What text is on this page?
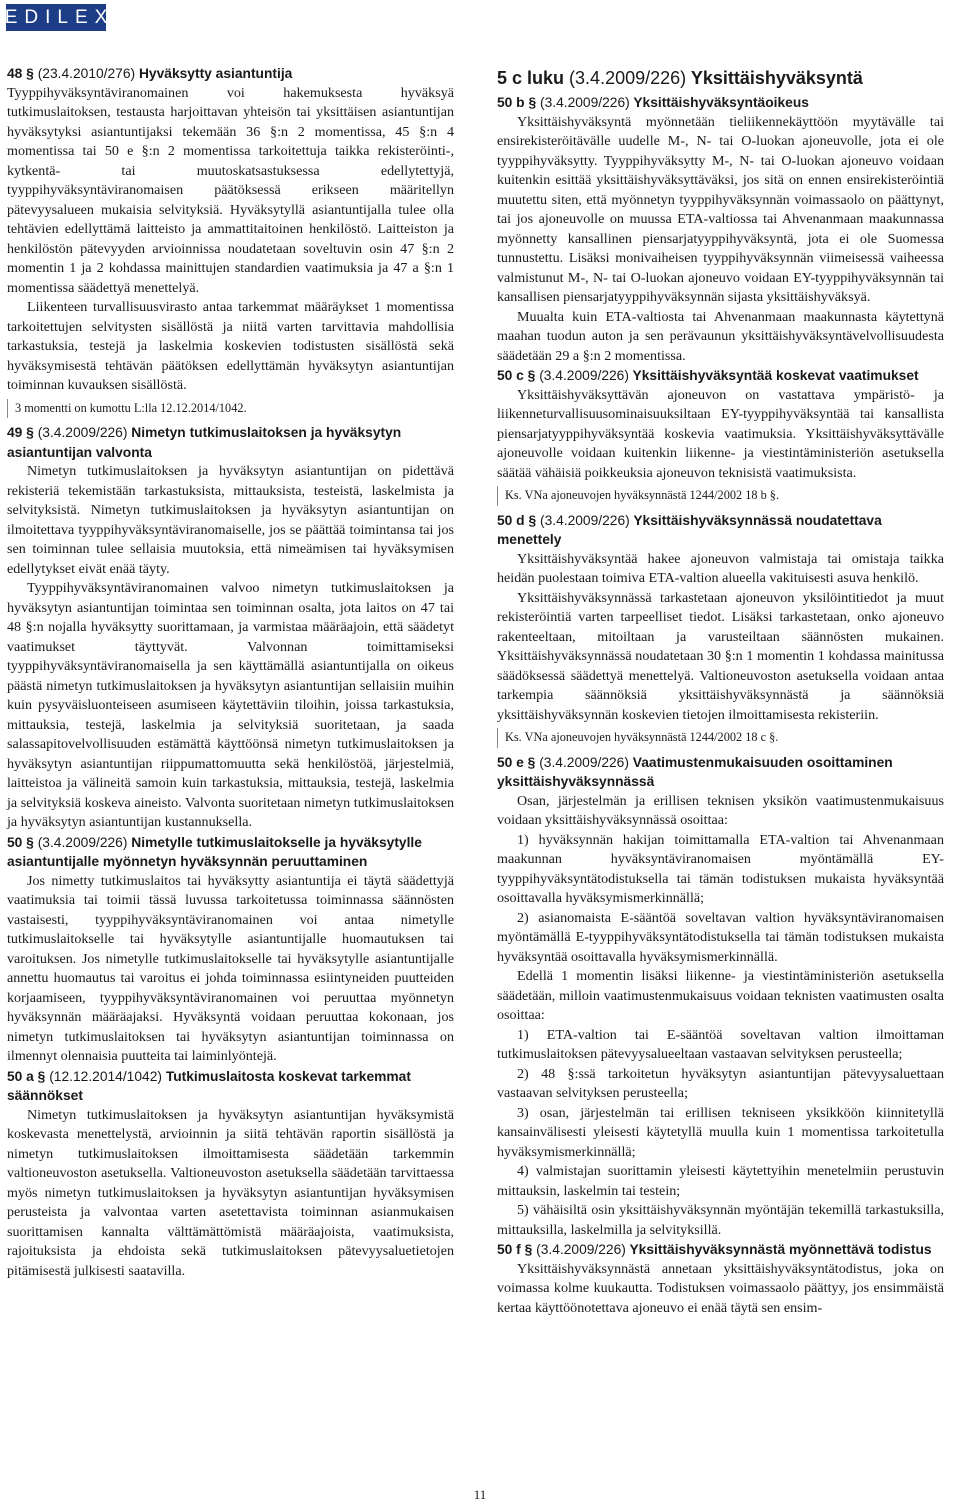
EDILEX
48 § (23.4.2010/276) Hyväksytty asiantuntija

Tyyppihyväksyntäviranomainen voi hakemuksesta hyväksyä tutkimuslaitoksen, testausta harjoittavan yhteisön tai yksittäisen asiantuntijan hyväksytyksi asiantuntijaksi tekemään 36 §:n 2 momentissa, 45 §:n 4 momentissa tai 50 e §:n 2 momentissa tarkoitettuja taikka rekisteröinti-, kytkentä- tai muutoskatsastuksessa edellytettyjä, tyyppihyväksyntäviranomaisen päätöksessä erikseen määritellyn pätevyysalueen mukaisia selvityksiä. Hyväksytyllä asiantuntijalla tulee olla tehtävien edellyttämä laitteisto ja ammattitaitoinen henkilöstö. Laitteiston ja henkilöstön pätevyyden arvioinnissa noudatetaan soveltuvin osin 47 §:n 2 momentin 1 ja 2 kohdassa mainittujen standardien vaatimuksia ja 47 a §:n 1 momentissa säädettyä menettelyä.

Liikenteen turvallisuusvirasto antaa tarkemmat määräykset 1 momentissa tarkoitettujen selvitysten sisällöstä ja niitä varten tarvittavia mahdollisia tarkastuksia, testejä ja laskelmia koskevien todistusten sisällöstä sekä hyväksymisestä tehtävän päätöksen edellyttämän hyväksytyn asiantuntijan toiminnan kuvauksen sisällöstä.

3 momentti on kumottu L:lla 12.12.2014/1042.
49 § (3.4.2009/226) Nimetyn tutkimuslaitoksen ja hyväksytyn asiantuntijan valvonta

Nimetyn tutkimuslaitoksen ja hyväksytyn asiantuntijan on pidettävä rekisteriä tekemistään tarkastuksista, mittauksista, testeistä, laskelmista ja selvityksistä. Nimetyn tutkimuslaitoksen ja hyväksytyn asiantuntijan on ilmoitettava tyyppihyväksyntäviranomaiselle, jos se päättää toimintansa tai jos sen toiminnan tulee sellaisia muutoksia, että nimeämisen tai hyväksymisen edellytykset eivät enää täyty.

Tyyppihyväksyntäviranomainen valvoo nimetyn tutkimuslaitoksen ja hyväksytyn asiantuntijan toimintaa sen toiminnan osalta, jota laitos on 47 tai 48 §:n nojalla hyväksytty suorittamaan, ja varmistaa määräajoin, että säädetyt vaatimukset täyttyvät. Valvonnan toimittamiseksi tyyppihyväksyntäviranomaisella ja sen käyttämällä asiantuntijalla on oikeus päästä nimetyn tutkimuslaitoksen ja hyväksytyn asiantuntijan sellaisiin muihin kuin pysyväisluonteiseen asumiseen käytettäviin tiloihin, joissa tarkastuksia, mittauksia, testejä, laskelmia ja selvityksiä suoritetaan, ja saada salassapitovelvollisuuden estämättä käyttöönsä nimetyn tutkimuslaitoksen ja hyväksytyn asiantuntijan riippumattomuutta sekä henkilöstöä, järjestelmiä, laitteistoa ja välineitä samoin kuin tarkastuksia, mittauksia, testejä, laskelmia ja selvityksiä koskeva aineisto. Valvonta suoritetaan nimetyn tutkimuslaitoksen ja hyväksytyn asiantuntijan kustannuksella.

50 § (3.4.2009/226) Nimetylle tutkimuslaitokselle ja hyväksytylle asiantuntijalle myönnetyn hyväksynnän peruuttaminen

Jos nimetty tutkimuslaitos tai hyväksytty asiantuntija ei täytä säädettyjä vaatimuksia tai toimii tässä luvussa tarkoitetussa toiminnassa säännösten vastaisesti, tyyppihyväksyntäviranomainen voi antaa nimetylle tutkimuslaitokselle tai hyväksytylle asiantuntijalle huomautuksen tai varoituksen. Jos nimetylle tutkimuslaitokselle tai hyväksytylle asiantuntijalle annettu huomautus tai varoitus ei johda toiminnassa esiintyneiden puutteiden korjaamiseen, tyyppihyväksyntäviranomainen voi peruuttaa myönnetyn hyväksynnän määräajaksi. Hyväksyntä voidaan peruuttaa kokonaan, jos nimetyn tutkimuslaitoksen tai hyväksytyn asiantuntijan toiminnassa on ilmennyt olennaisia puutteita tai laiminlyöntejä.

50 a § (12.12.2014/1042) Tutkimuslaitosta koskevat tarkemmat säännökset

Nimetyn tutkimuslaitoksen ja hyväksytyn asiantuntijan hyväksymistä koskevasta menettelystä, arvioinnin ja siitä tehtävän raportin sisällöstä ja nimetyn tutkimuslaitoksen ilmoittamisesta säädetään tarkemmin valtioneuvoston asetuksella. Valtioneuvoston asetuksella säädetään tarvittaessa myös nimetyn tutkimuslaitoksen ja hyväksytyn asiantuntijan hyväksymisen perusteista ja valvontaa varten asetettavista toiminnan asianmukaisen suorittamisen kannalta välttämättömistä määräajoista, vaatimuksista, rajoituksista ja ehdoista sekä tutkimuslaitoksen pätevyysaluetietojen pitämisestä julkisesti saatavilla.

5 c luku (3.4.2009/226) Yksittäishyväksyntä
50 b § (3.4.2009/226) Yksittäishyväksyntäoikeus

Yksittäishyväksyntä myönnetään tieliikennekäyttöön myytävälle tai ensirekisteröitävälle uudelle M-, N- tai O-luokan ajoneuvolle, jota ei ole tyyppihyväksytty. Tyyppihyväksytty M-, N- tai O-luokan ajoneuvo voidaan kuitenkin esittää yksittäishyväksyttäväksi, jos sitä on ennen ensirekisteröintiä muutettu siten, että myönnetyn tyyppihyväksynnän voimassaolo on päättynyt, tai jos ajoneuvolle on muussa ETA-valtiossa tai Ahvenanmaan maakunnassa myönnetty kansallinen piensarjatyyppihyväksyntä, jota ei ole Suomessa tunnustettu. Lisäksi monivaiheisen tyyppihyväksynnän viimeisessä vaiheessa valmistunut M-, N- tai O-luokan ajoneuvo voidaan EY-tyyppihyväksynnän tai kansallisen piensarjatyyppihyväksynnän sijasta yksittäishyväksyä.

Muualta kuin ETA-valtiosta tai Ahvenanmaan maakunnasta käytettynä maahan tuodun auton ja sen perävaunun yksittäishyväksyntävelvollisuudesta säädetään 29 a §:n 2 momentissa.

50 c § (3.4.2009/226) Yksittäishyväksyntää koskevat vaatimukset

Yksittäishyväksyttävän ajoneuvon on vastattava ympäristö- ja liikenneturvallisuusominaisuuksiltaan EY-tyyppihyväksyntää tai kansallista piensarjatyyppihyväksyntää koskevia vaatimuksia. Yksittäishyväksyttävälle ajoneuvolle voidaan kuitenkin liikenne- ja viestintäministeriön asetuksella säätää vähäisiä poikkeuksia ajoneuvon teknisistä vaatimuksista.

Ks. VNa ajoneuvojen hyväksynnästä 1244/2002 18 b §.
50 d § (3.4.2009/226) Yksittäishyväksynnässä noudatettava menettely

Yksittäishyväksyntää hakee ajoneuvon valmistaja tai omistaja taikka heidän puolestaan toimiva ETA-valtion alueella vakituisesti asuva henkilö.

Yksittäishyväksynnässä tarkastetaan ajoneuvon yksilöintitiedot ja muut rekisteröintiä varten tarpeelliset tiedot. Lisäksi tarkastetaan, onko ajoneuvo rakenteeltaan, mitoiltaan ja varusteiltaan säännösten mukainen. Yksittäishyväksynnässä noudatetaan 30 §:n 1 momentin 1 kohdassa mainitussa säädöksessä säädettyä menettelyä. Valtioneuvoston asetuksella voidaan antaa tarkempia säännöksiä yksittäishyväksynnästä ja säännöksiä yksittäishyväksynnän koskevien tietojen ilmoittamisesta rekisteriin.

Ks. VNa ajoneuvojen hyväksynnästä 1244/2002 18 c §.
50 e § (3.4.2009/226) Vaatimustenmukaisuuden osoittaminen yksittäishyväksynnässä

Osan, järjestelmän ja erillisen teknisen yksikön vaatimustenmukaisuus voidaan yksittäishyväksynnässä osoittaa:

1) hyväksynnän hakijan toimittamalla ETA-valtion tai Ahvenanmaan maakunnan hyväksyntäviranomaisen myöntämällä EY-tyyppihyväksyntätodistuksella tai tämän todistuksen mukaista hyväksyntää osoittavalla hyväksymismerkinnällä;

2) asianomaista E-sääntöä soveltavan valtion hyväksyntäviranomaisen myöntämällä E-tyyppihyväksyntätodistuksella tai tämän todistuksen mukaista hyväksyntää osoittavalla hyväksymismerkinnällä.

Edellä 1 momentin lisäksi liikenne- ja viestintäministeriön asetuksella säädetään, milloin vaatimustenmukaisuus voidaan teknisten vaatimusten osalta osoittaa:

1) ETA-valtion tai E-sääntöä soveltavan valtion ilmoittaman tutkimuslaitoksen pätevyysalueeltaan vastaavan selvityksen perusteella;

2) 48 §:ssä tarkoitetun hyväksytyn asiantuntijan pätevyysaluettaan vastaavan selvityksen perusteella;

3) osan, järjestelmän tai erillisen tekniseen yksikköön kiinnitetyllä kansainvälisesti yleisesti käytetyllä muulla kuin 1 momentissa tarkoitetulla hyväksymismerkinnällä;

4) valmistajan suorittamin yleisesti käytettyihin menetelmiin perustuvin mittauksin, laskelmin tai testein;

5) vähäisiltä osin yksittäishyväksynnän myöntäjän tekemillä tarkastuksilla, mittauksilla, laskelmilla ja selvityksillä.

50 f § (3.4.2009/226) Yksittäishyväksynnästä myönnettävä todistus

Yksittäishyväksynnästä annetaan yksittäishyväksyntätodistus, joka on voimassa kolme kuukautta. Todistuksen voimassaolo päättyy, jos ensimmäistä kertaa käyttöönotettava ajoneuvo ei enää täytä sen ensim-

11
